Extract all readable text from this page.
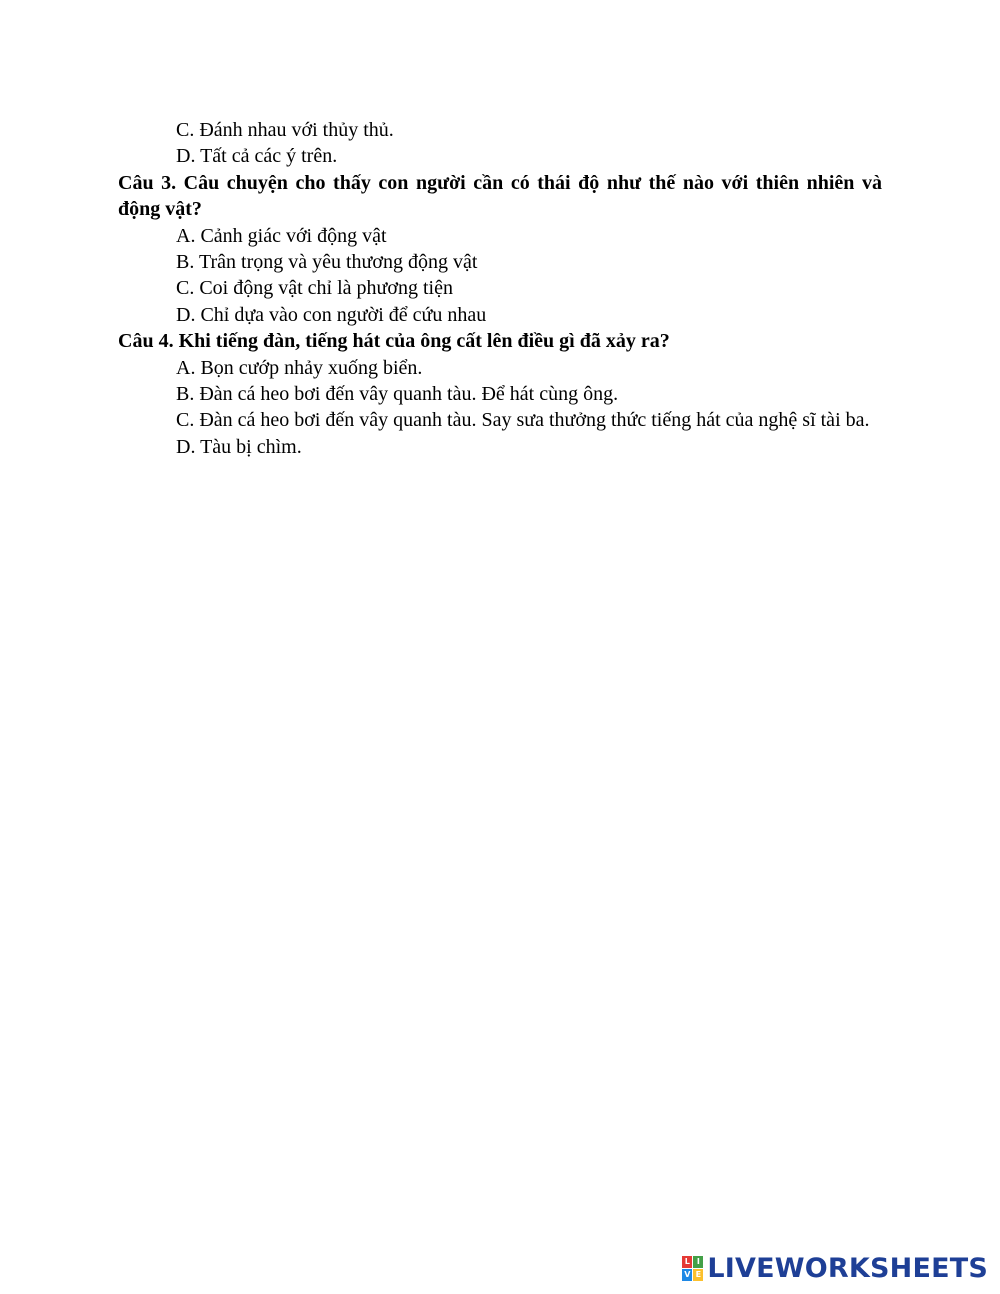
C. Đánh nhau với thủy thủ.

D. Tất cả các ý trên.

Câu 3. Câu chuyện cho thấy con người cần có thái độ như thế nào với thiên nhiên và động vật?

A. Cảnh giác với động vật

B. Trân trọng và yêu thương động vật

C. Coi động vật chỉ là phương tiện

D. Chỉ dựa vào con người để cứu nhau

Câu 4. Khi tiếng đàn, tiếng hát của ông cất lên điều gì đã xảy ra?

A. Bọn cướp nhảy xuống biển.

B. Đàn cá heo bơi đến vây quanh tàu. Để hát cùng ông.

C. Đàn cá heo bơi đến vây quanh tàu. Say sưa thưởng thức tiếng hát của nghệ sĩ tài ba.

D. Tàu bị chìm.

L I
V E LIVEWORKSHEETS
